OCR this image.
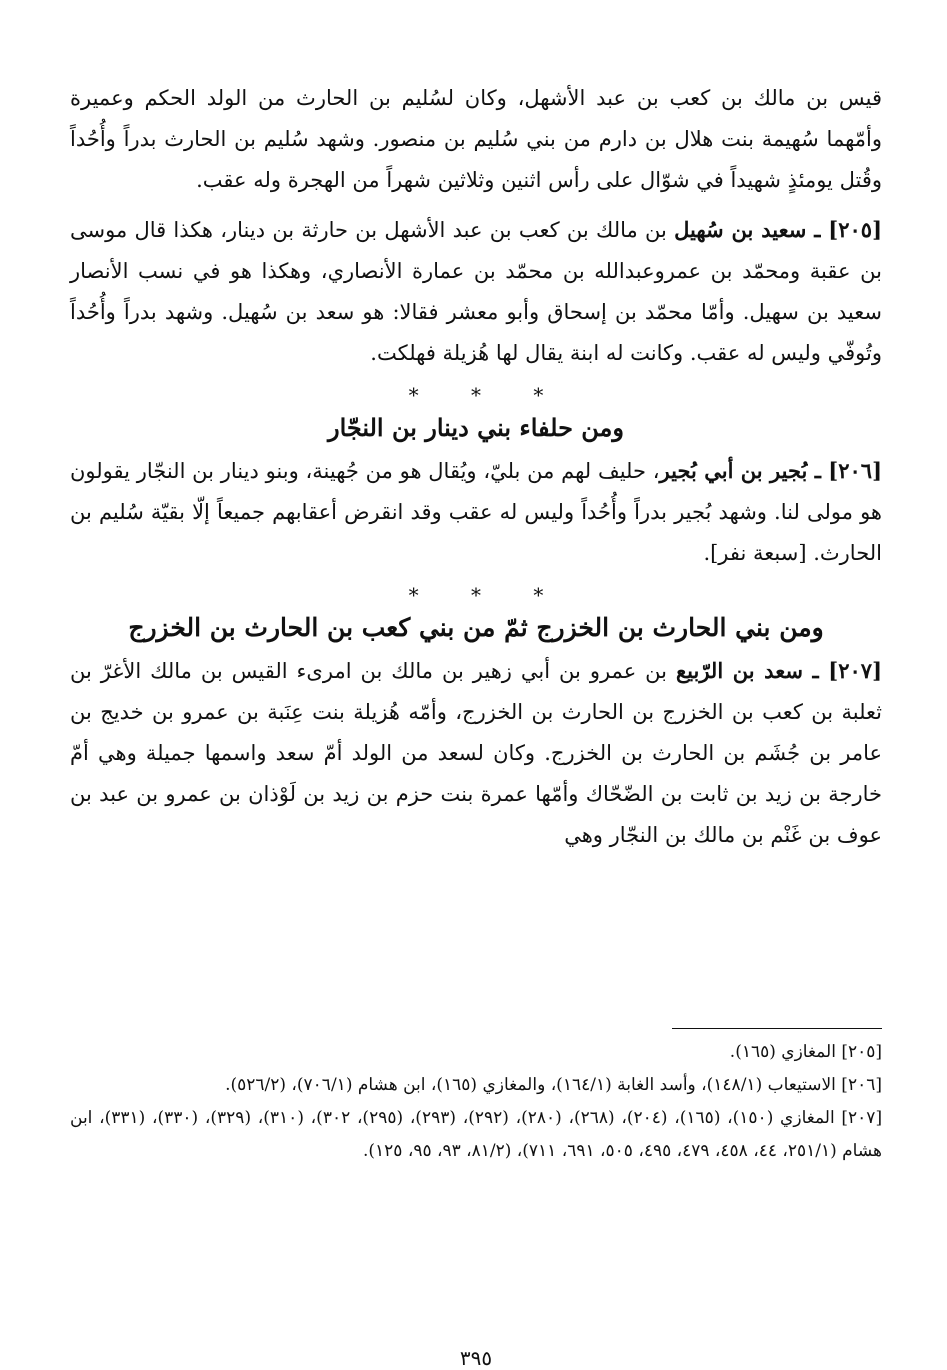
قيس بن مالك بن كعب بن عبد الأشهل، وكان لسُليم بن الحارث من الولد الحكم وعميرة وأمّهما سُهيمة بنت هلال بن دارم من بني سُليم بن منصور. وشهد سُليم بن الحارث بدراً وأُحُداً وقُتل يومئذٍ شهيداً في شوّال على رأس اثنين وثلاثين شهراً من الهجرة وله عقب.

[٢٠٥] ـ سعيد بن سُهيل بن مالك بن كعب بن عبد الأشهل بن حارثة بن دينار، هكذا قال موسى بن عقبة ومحمّد بن عمروعبدالله بن محمّد بن عمارة الأنصاري، وهكذا هو في نسب الأنصار سعيد بن سهيل. وأمّا محمّد بن إسحاق وأبو معشر فقالا: هو سعد بن سُهيل. وشهد بدراً وأُحُداً وتُوفّي وليس له عقب. وكانت له ابنة يقال لها هُزيلة فهلكت.

* * *
ومن حلفاء بني دينار بن النجّار

[٢٠٦] ـ بُجير بن أبي بُجير، حليف لهم من بليّ، ويُقال هو من جُهينة، وبنو دينار بن النجّار يقولون هو مولى لنا. وشهد بُجير بدراً وأُحُداً وليس له عقب وقد انقرض أعقابهم جميعاً إلّا بقيّة سُليم بن الحارث. [سبعة نفر].

* * *
ومن بني الحارث بن الخزرج ثمّ من بني كعب بن الحارث بن الخزرج

[٢٠٧] ـ سعد بن الرّبيع بن عمرو بن أبي زهير بن مالك بن امرىء القيس بن مالك الأغرّ بن ثعلبة بن كعب بن الخزرج بن الحارث بن الخزرج، وأمّه هُزيلة بنت عِنَبة بن عمرو بن خديج بن عامر بن جُشَم بن الحارث بن الخزرج. وكان لسعد من الولد أمّ سعد واسمها جميلة وهي أمّ خارجة بن زيد بن ثابت بن الضّحّاك وأمّها عمرة بنت حزم بن زيد بن لَوْذان بن عمرو بن عبد بن عوف بن غَنْم بن مالك بن النجّار وهي

[٢٠٥] المغازي (١٦٥).

[٢٠٦] الاستيعاب (١٤٨/١)، وأسد الغابة (١٦٤/١)، والمغازي (١٦٥)، ابن هشام (٧٠٦/١)، (٥٢٦/٢).

[٢٠٧] المغازي (١٥٠)، (١٦٥)، (٢٠٤)، (٢٦٨)، (٢٨٠)، (٢٩٢)، (٢٩٣)، (٢٩٥)، ٣٠٢)، (٣١٠)، (٣٢٩)، (٣٣٠)، (٣٣١)، ابن هشام (٢٥١/١، ٤٤، ٤٥٨، ٤٧٩، ٤٩٥، ٥٠٥، ٦٩١، ٧١١)، (٨١/٢، ٩٣، ٩٥، ١٢٥).

٣٩٥
